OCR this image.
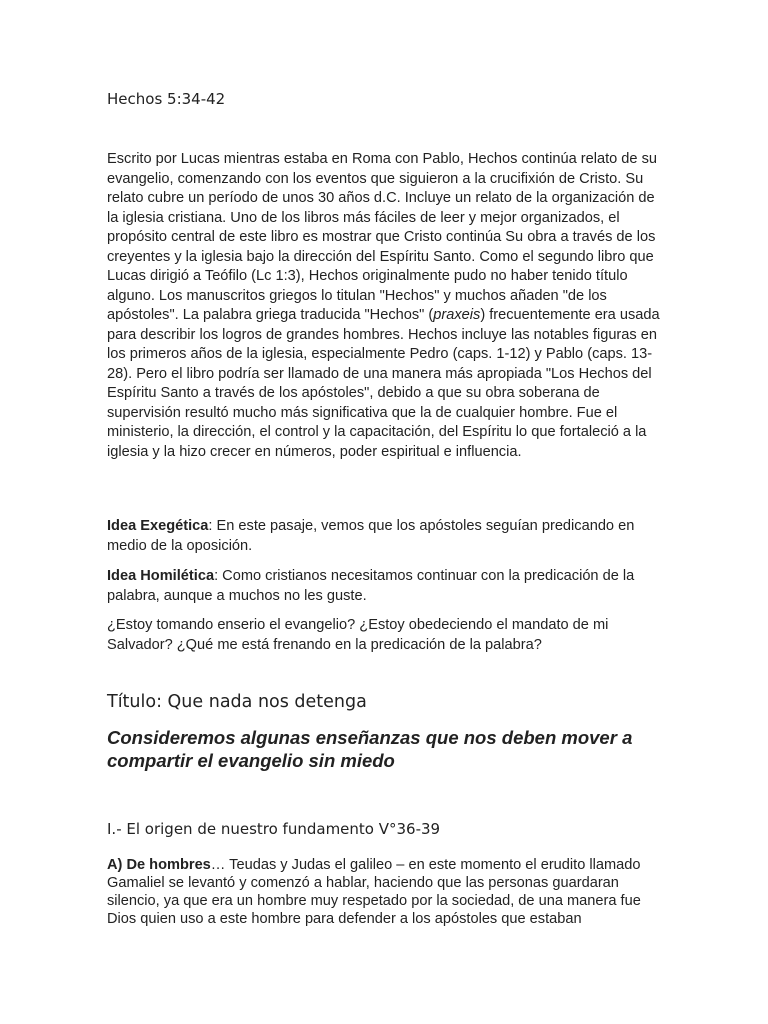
Hechos 5:34-42

Escrito por Lucas mientras estaba en Roma con Pablo, Hechos continúa relato de su evangelio, comenzando con los eventos que siguieron a la crucifixión de Cristo. Su relato cubre un período de unos 30 años d.C. Incluye un relato de la organización de la iglesia cristiana. Uno de los libros más fáciles de leer y mejor organizados, el propósito central de este libro es mostrar que Cristo continúa Su obra a través de los creyentes y la iglesia bajo la dirección del Espíritu Santo. Como el segundo libro que Lucas dirigió a Teófilo (Lc 1:3), Hechos originalmente pudo no haber tenido título alguno. Los manuscritos griegos lo titulan "Hechos" y muchos añaden "de los apóstoles". La palabra griega traducida "Hechos" (praxeis) frecuentemente era usada para describir los logros de grandes hombres. Hechos incluye las notables figuras en los primeros años de la iglesia, especialmente Pedro (caps. 1-12) y Pablo (caps. 13-28). Pero el libro podría ser llamado de una manera más apropiada "Los Hechos del Espíritu Santo a través de los apóstoles", debido a que su obra soberana de supervisión resultó mucho más significativa que la de cualquier hombre. Fue el ministerio, la dirección, el control y la capacitación, del Espíritu lo que fortaleció a la iglesia y la hizo crecer en números, poder espiritual e influencia.

Idea Exegética: En este pasaje, vemos que los apóstoles seguían predicando en medio de la oposición.

Idea Homilética: Como cristianos necesitamos continuar con la predicación de la palabra, aunque a muchos no les guste.

¿Estoy tomando enserio el evangelio? ¿Estoy obedeciendo el mandato de mi Salvador? ¿Qué me está frenando en la predicación de la palabra?

Título: Que nada nos detenga

Consideremos algunas enseñanzas que nos deben mover a compartir el evangelio sin miedo

I.- El origen de nuestro fundamento V°36-39

A) De hombres… Teudas y Judas el galileo – en este momento el erudito llamado Gamaliel se levantó y comenzó a hablar, haciendo que las personas guardaran silencio, ya que era un hombre muy respetado por la sociedad, de una manera fue Dios quien uso a este hombre para defender a los apóstoles que estaban
